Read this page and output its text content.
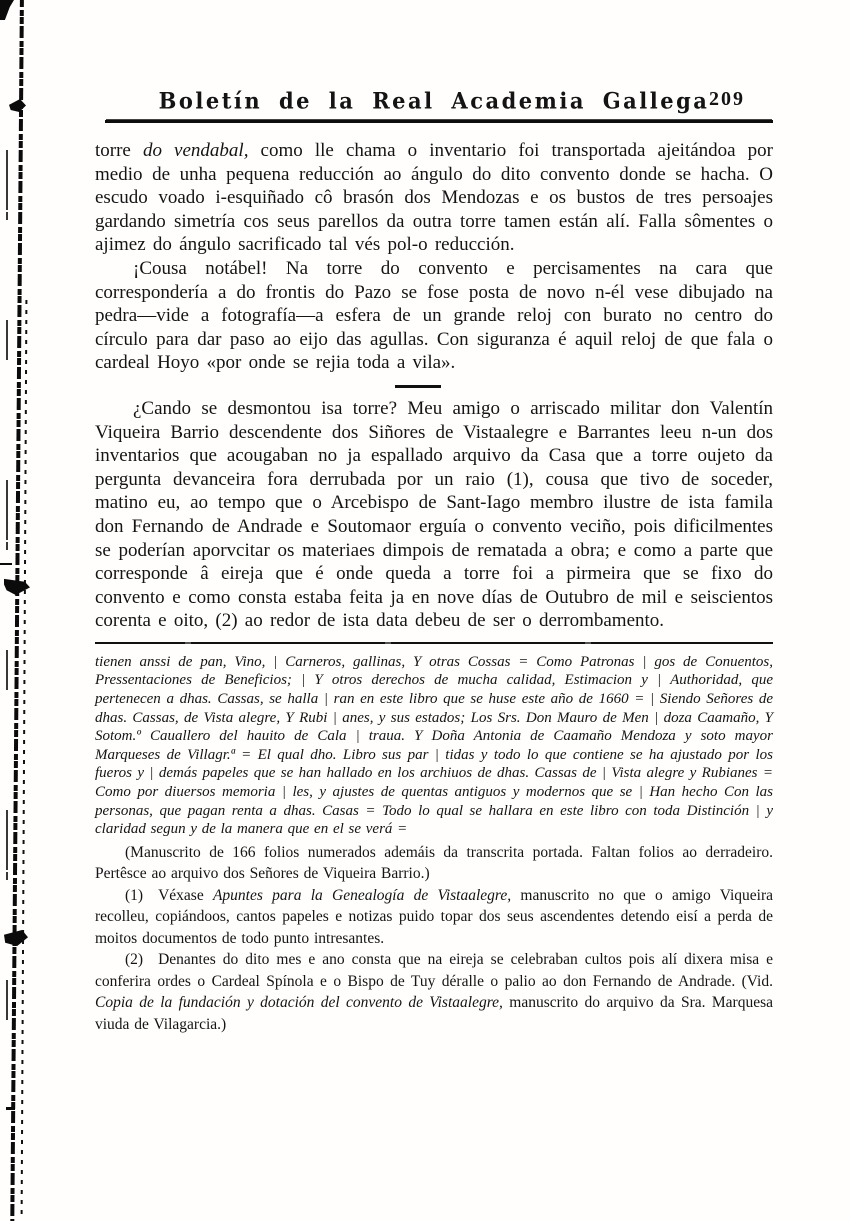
Boletín de la Real Academia Gallega 209

torre do vendabal, como lle chama o inventario foi transportada ajeitándoa por medio de unha pequena reducción ao ángulo do dito convento donde se hacha. O escudo voado i-esquiñado cô brasón dos Mendozas e os bustos de tres persoajes gardando simetría cos seus parellos da outra torre tamen están alí. Falla sômentes o ajimez do ángulo sacrificado tal vés pol-o reducción.

¡Cousa notábel! Na torre do convento e percisamentes na cara que correspondería a do frontis do Pazo se fose posta de novo n-él vese dibujado na pedra—vide a fotografía—a esfera de un grande reloj con burato no centro do círculo para dar paso ao eijo das agullas. Con siguranza é aquil reloj de que fala o cardeal Hoyo «por onde se rejia toda a vila».

¿Cando se desmontou isa torre? Meu amigo o arriscado militar don Valentín Viqueira Barrio descendente dos Siñores de Vistaalegre e Barrantes leeu n-un dos inventarios que acougaban no ja espallado arquivo da Casa que a torre oujeto da pergunta devanceira fora derrubada por un raio (1), cousa que tivo de soceder, matino eu, ao tempo que o Arcebispo de Sant-Iago membro ilustre de ista famila don Fernando de Andrade e Soutomaor erguía o convento veciño, pois dificilmentes se poderían aporvcitar os materiaes dimpois de rematada a obra; e como a parte que corresponde â eireja que é onde queda a torre foi a pirmeira que se fixo do convento e como consta estaba feita ja en nove días de Outubro de mil e seiscientos corenta e oito, (2) ao redor de ista data debeu de ser o derrombamento.

tienen anssi de pan, Vino, | Carneros, gallinas, Y otras Cossas = Como Patronas | gos de Conuentos, Pressentaciones de Beneficios; | Y otros derechos de mucha calidad, Estimacion y | Authoridad, que pertenecen a dhas. Cassas, se halla | ran en este libro que se huse este año de 1660 = | Siendo Señores de dhas. Cassas, de Vista alegre, Y Rubi | anes, y sus estados; Los Srs. Don Mauro de Men | doza Caamaño, Y Sotom.º Cauallero del hauito de Cala | traua. Y Doña Antonia de Caamaño Mendoza y soto mayor Marqueses de Villagr.ª = El qual dho. Libro sus par | tidas y todo lo que contiene se ha ajustado por los fueros y | demás papeles que se han hallado en los archiuos de dhas. Cassas de | Vista alegre y Rubianes = Como por diuersos memoria | les, y ajustes de quentas antiguos y modernos que se | Han hecho Con las personas, que pagan renta a dhas. Casas = Todo lo qual se hallara en este libro con toda Distinción | y claridad segun y de la manera que en el se verá =

(Manuscrito de 166 folios numerados ademáis da transcrita portada. Faltan folios ao derradeiro. Pertêsce ao arquivo dos Señores de Viqueira Barrio.)

(1) Véxase Apuntes para la Genealogía de Vistaalegre, manuscrito no que o amigo Viqueira recolleu, copiándoos, cantos papeles e notizas puido topar dos seus ascendentes detendo eisí a perda de moitos documentos de todo punto intresantes.

(2) Denantes do dito mes e ano consta que na eireja se celebraban cultos pois alí dixera misa e conferira ordes o Cardeal Spínola e o Bispo de Tuy déralle o palio ao don Fernando de Andrade. (Vid. Copia de la fundación y dotación del convento de Vistaalegre, manuscrito do arquivo da Sra. Marquesa viuda de Vilagarcia.)
